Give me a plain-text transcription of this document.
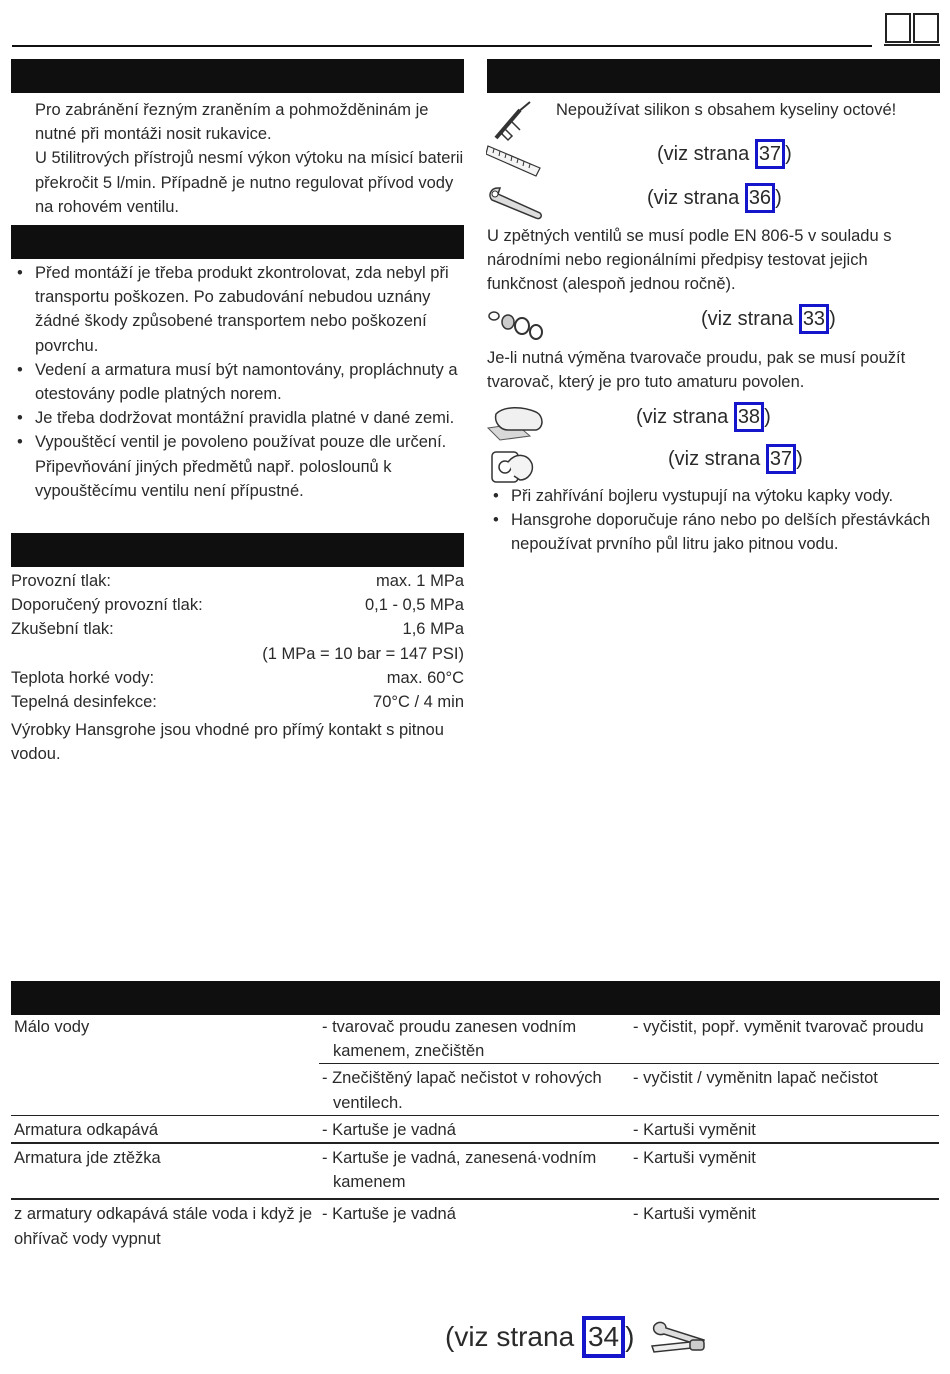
Pro zabránění řezným zraněním a pohmožděninám je nutné při montáži nosit rukavice.
U 5tilitrových přístrojů nesmí výkon výtoku na mísicí baterii překročit 5 l/min. Případně je nutno regulovat přívod vody na rohovém ventilu.
• Před montáží je třeba produkt zkontrolovat, zda nebyl při transportu poškozen. Po zabudování nebudou uznány žádné škody způsobené transportem nebo poškození povrchu.
• Vedení a armatura musí být namontovány, propláchnuty a otestovány podle platných norem.
• Je třeba dodržovat montážní pravidla platné v dané zemi.
• Vypouštěcí ventil je povoleno používat pouze dle určení. Připevňování jiných předmětů např. poloslouпů k vypouštěcímu ventilu není přípustné.
Provozní tlak:	max. 1 MPa
Doporučený provozní tlak:	0,1 - 0,5 MPa
Zkušební tlak:	1,6 MPa
(1 MPa = 10 bar = 147 PSI)
Teplota horké vody:	max. 60°C
Tepelná desinfekce:	70°C / 4 min
Výrobky Hansgrohe jsou vhodné pro přímý kontakt s pitnou vodou.
Nepoužívat silikon s obsahem kyseliny octové!
(viz strana 37 )
(viz strana 36 )
U zpětných ventilů se musí podle EN 806-5 v souladu s národními nebo regionálními předpisy testovat jejich funkčnost (alespoň jednou ročně).
(viz strana 33 )
Je-li nutná výměna tvarovače proudu, pak se musí použít tvarovač, který je pro tuto amaturu povolen.
(viz strana 38 )
(viz strana 37 )
• Při zahřívání bojleru vystupují na výtoku kapky vody.
• Hansgrohe doporučuje ráno nebo po delších přestávkách nepoužívat prvního půl litru jako pitnou vodu.
Málo vody	- tvarovač proudu zanesen vodním kamenem, znečištěn	- vyčistit, popř. vyměnit tvarovač proudu

	- Znečištěný lapač nečistot v rohových ventilech.	- vyčistit / vyměnitn lapač nečistot

Armatura odkapává	- Kartuše je vadná	- Kartuši vyměnit

Armatura jde ztěžka	- Kartuše je vadná, zanesená·vodním kamenem	- Kartuši vyměnit

z armatury odkapává stále voda i když je ohřívač vody vypnut	- Kartuše je vadná	- Kartuši vyměnit
(viz strana 34 )
